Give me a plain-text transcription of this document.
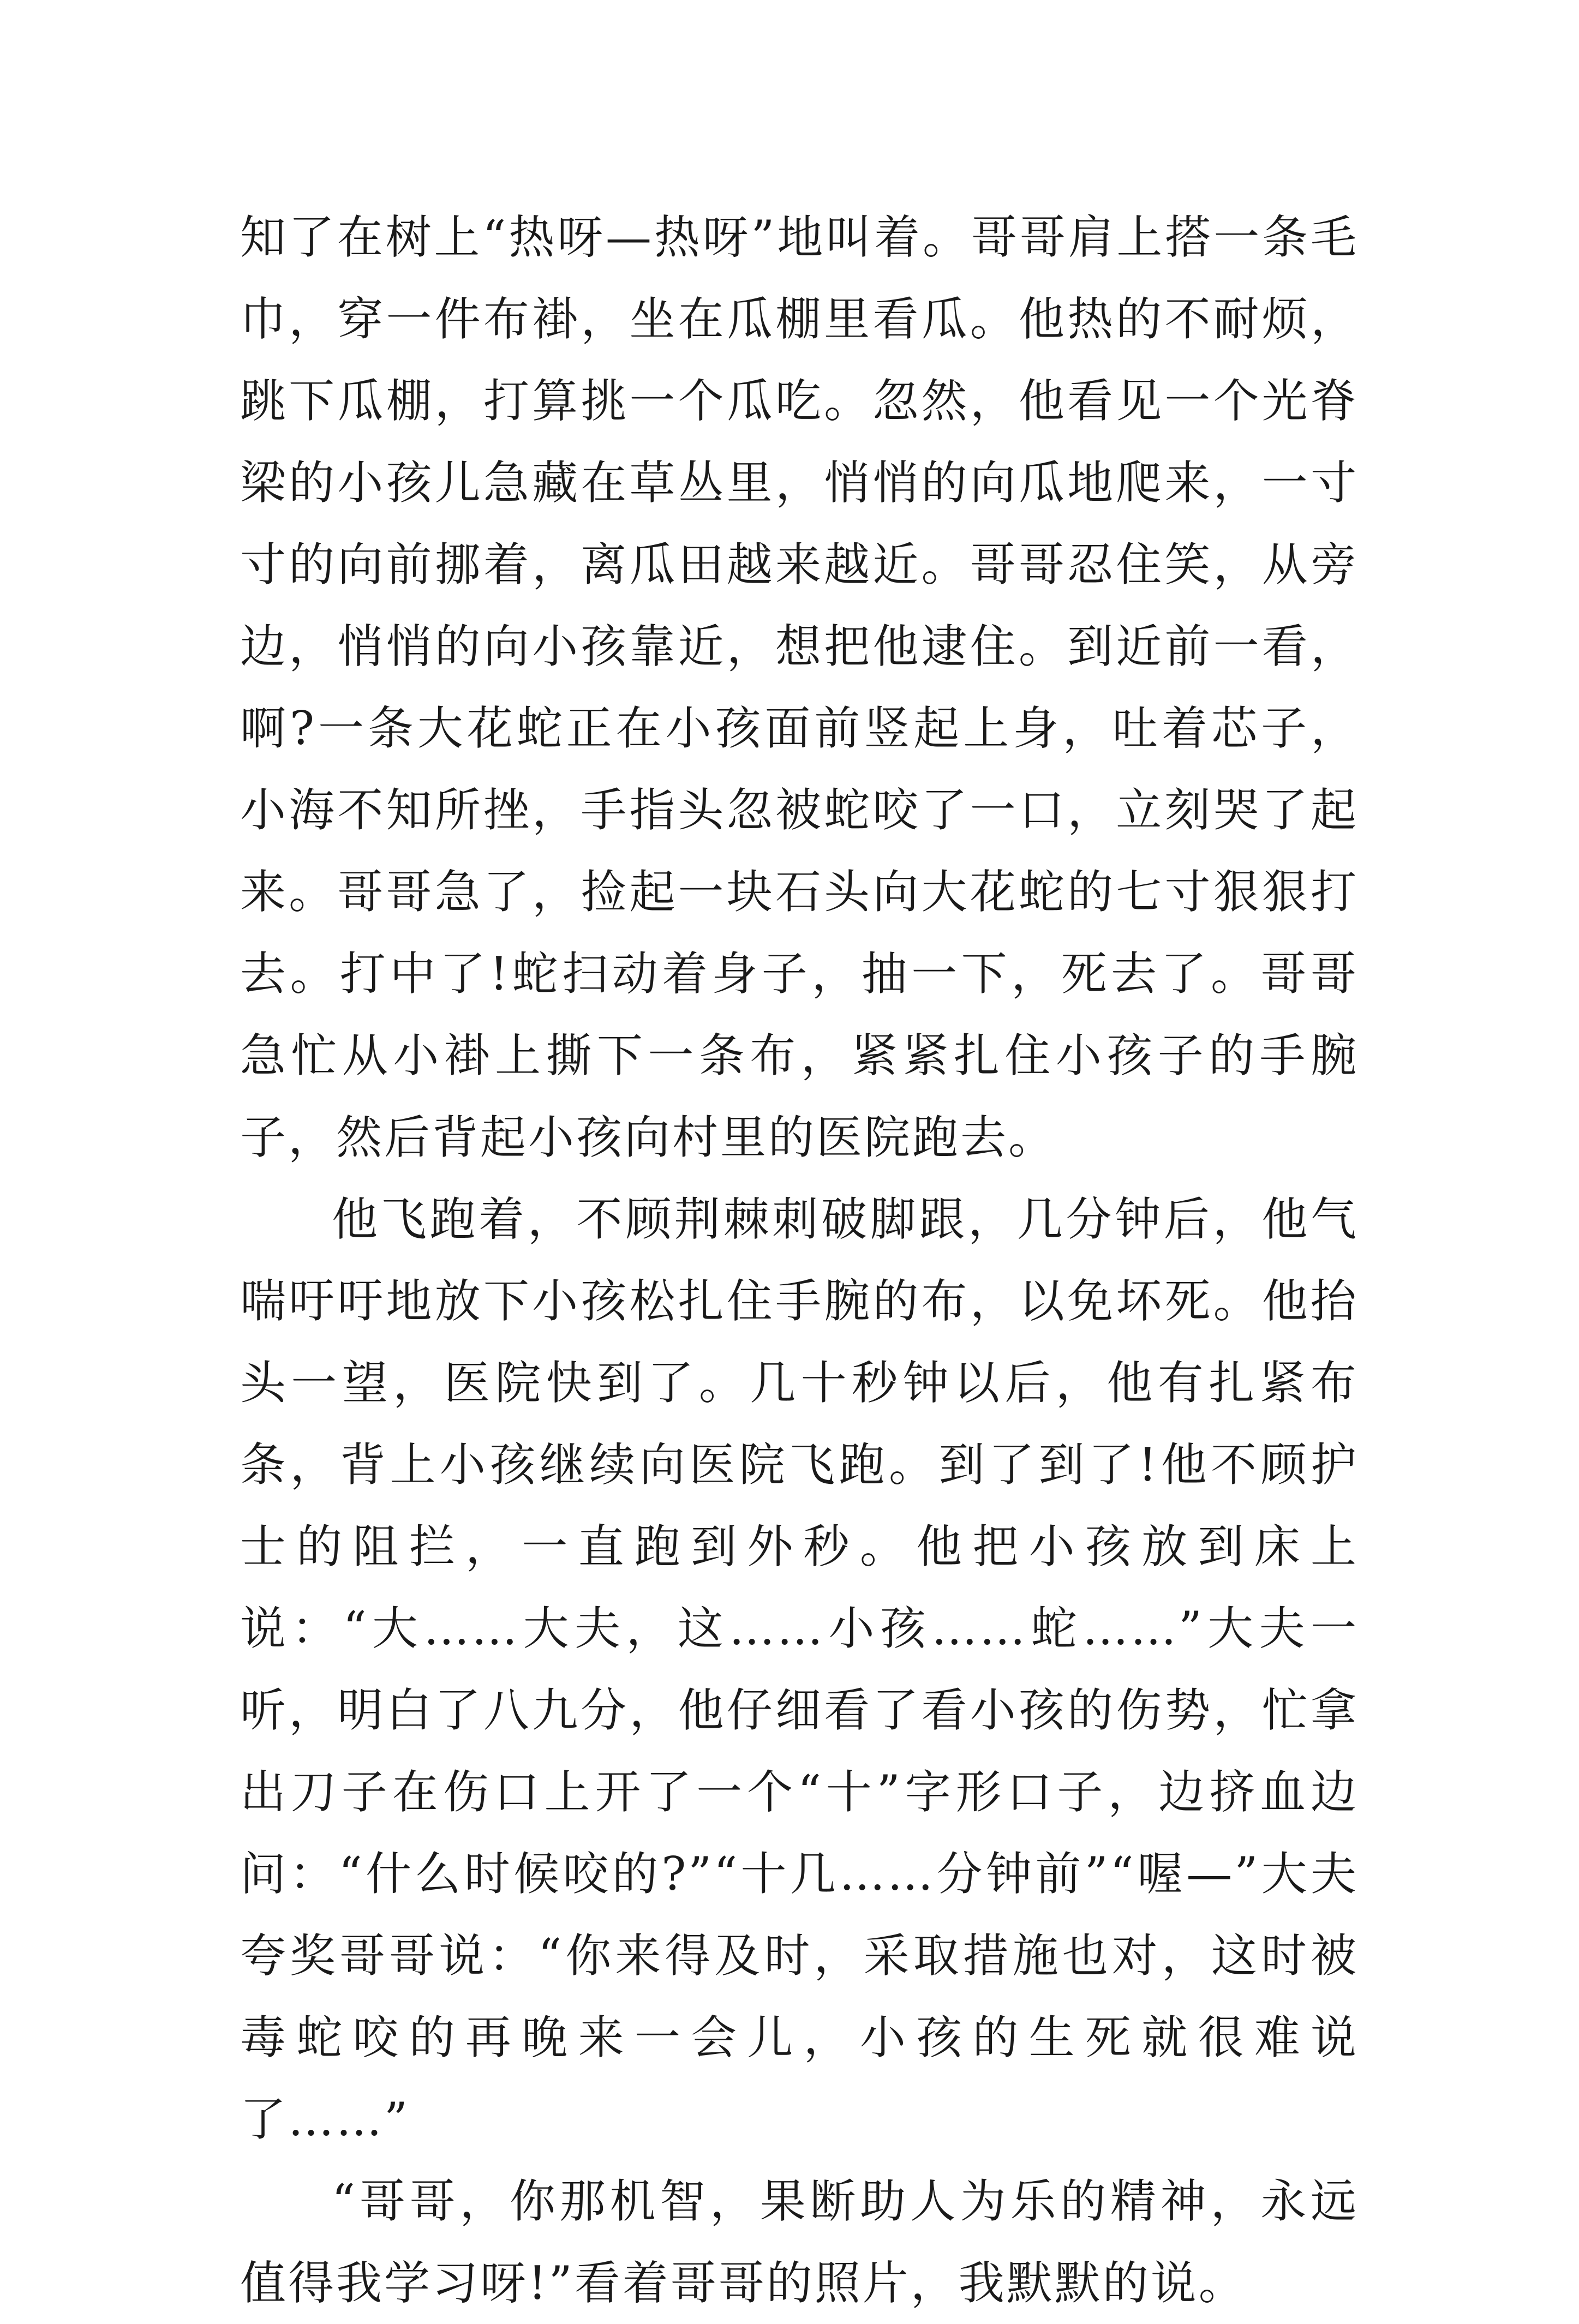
知了在树上“热呀—热呀”地叫着。哥哥肩上搭一条毛巾，穿一件布褂，坐在瓜棚里看瓜。他热的不耐烦，跳下瓜棚，打算挑一个瓜吃。忽然，他看见一个光脊梁的小孩儿急藏在草丛里，悄悄的向瓜地爬来，一寸寸的向前挪着，离瓜田越来越近。哥哥忍住笑，从旁边，悄悄的向小孩靠近，想把他逮住。到近前一看，啊?一条大花蛇正在小孩面前竖起上身，吐着芯子，小海不知所挫，手指头忽被蛇咬了一口，立刻哭了起来。哥哥急了，捡起一块石头向大花蛇的七寸狠狠打去。打中了!蛇扫动着身子，抽一下，死去了。哥哥急忙从小褂上撕下一条布，紧紧扎住小孩子的手腕子，然后背起小孩向村里的医院跑去。

他飞跑着，不顾荆棘刺破脚跟，几分钟后，他气喘吁吁地放下小孩松扎住手腕的布，以免坏死。他抬头一望，医院快到了。几十秒钟以后，他有扎紧布条，背上小孩继续向医院飞跑。到了到了!他不顾护士的阻拦，一直跑到外秒。他把小孩放到床上说：“大……大夫，这……小孩……蛇……”大夫一听，明白了八九分，他仔细看了看小孩的伤势，忙拿出刀子在伤口上开了一个“十”字形口子，边挤血边问：“什么时候咬的?”“十几……分钟前”“喔—”大夫夸奖哥哥说：“你来得及时，采取措施也对，这时被毒蛇咬的再晚来一会儿，小孩的生死就很难说了……”

“哥哥，你那机智，果断助人为乐的精神，永远值得我学习呀!”看着哥哥的照片，我默默的说。
